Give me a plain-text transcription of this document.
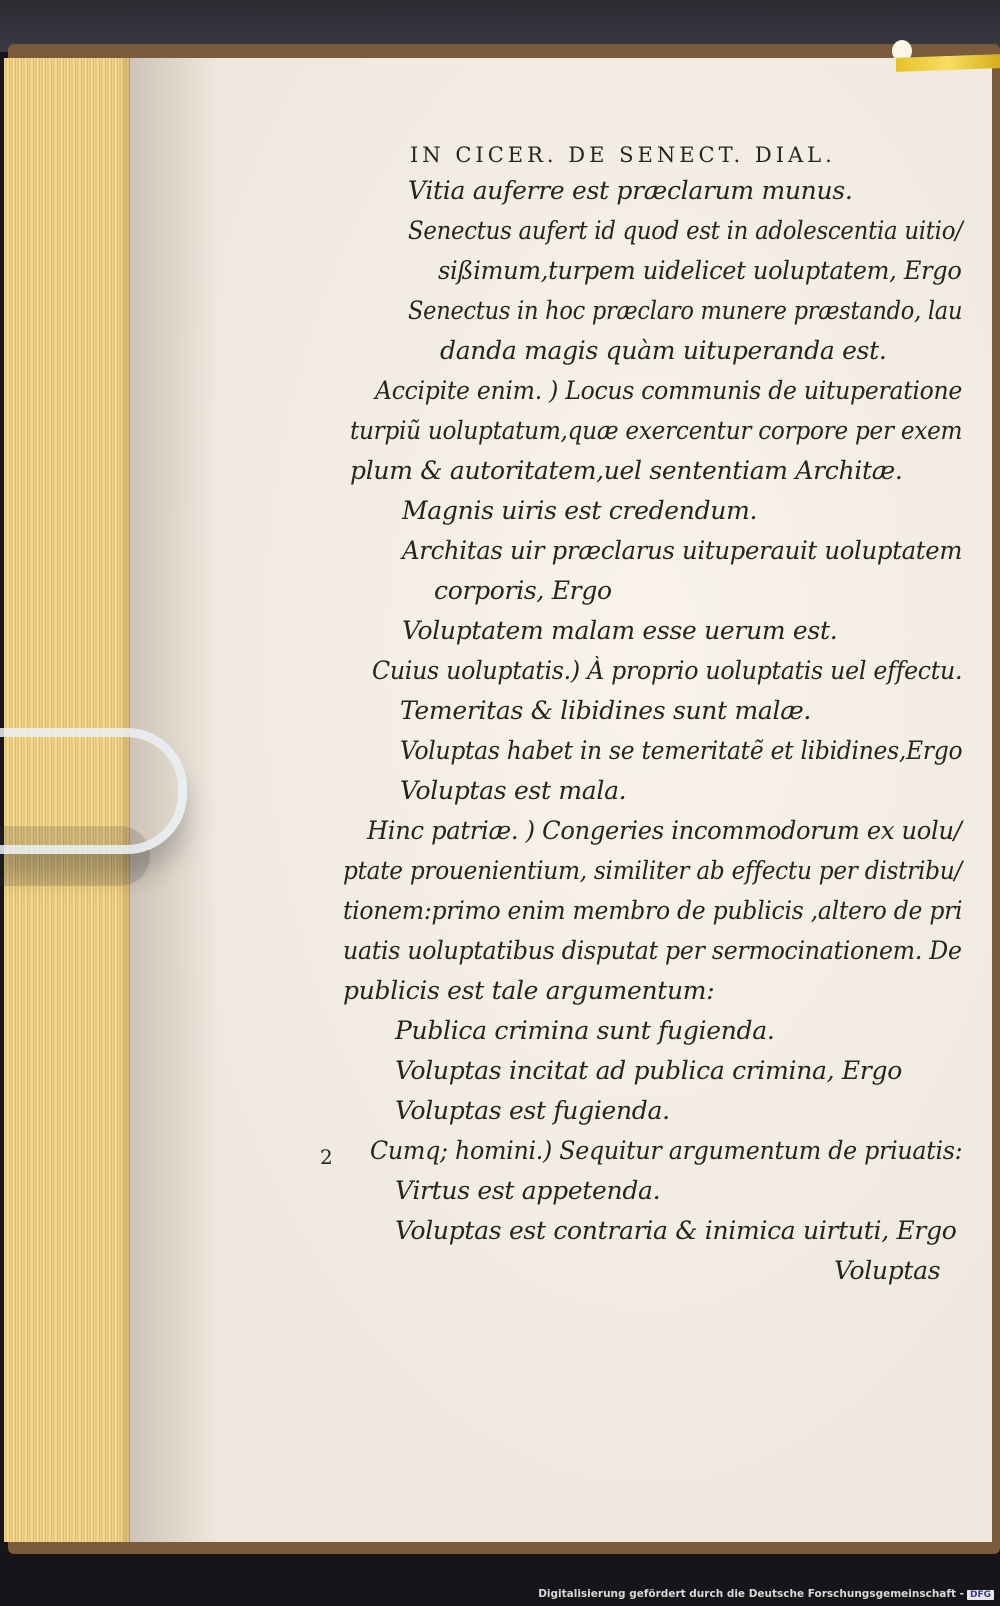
IN CICER. DE SENECT. DIAL.
Vitia auferre est præclarum munus.
Senectus aufert id quod est in adolescentia uitio/
sißimum,turpem uidelicet uoluptatem, Ergo
Senectus in hoc præclaro munere præstando, lau
danda magis quàm uituperanda est.
Accipite enim. ) Locus communis de uituperatione
turpiũ uoluptatum,quæ exercentur corpore per exem
plum & autoritatem,uel sententiam Architæ.
Magnis uiris est credendum.
Architas uir præclarus uituperauit uoluptatem
corporis, Ergo
Voluptatem malam esse uerum est.
Cuius uoluptatis.) À proprio uoluptatis uel effectu.
Temeritas & libidines sunt malæ.
Voluptas habet in se temeritatẽ et libidines,Ergo
Voluptas est mala.
Hinc patriæ. ) Congeries incommodorum ex uolu/
ptate prouenientium, similiter ab effectu per distribu/
tionem:primo enim membro de publicis ,altero de pri
uatis uoluptatibus disputat per sermocinationem. De
publicis est tale argumentum:
Publica crimina sunt fugienda.
Voluptas incitat ad publica crimina, Ergo
Voluptas est fugienda.
Cumq; homini.) Sequitur argumentum de priuatis:
Virtus est appetenda.
Voluptas est contraria & inimica uirtuti, Ergo
Voluptas
2
Digitalisierung gefördert durch die Deutsche Forschungsgemeinschaft - DFG
